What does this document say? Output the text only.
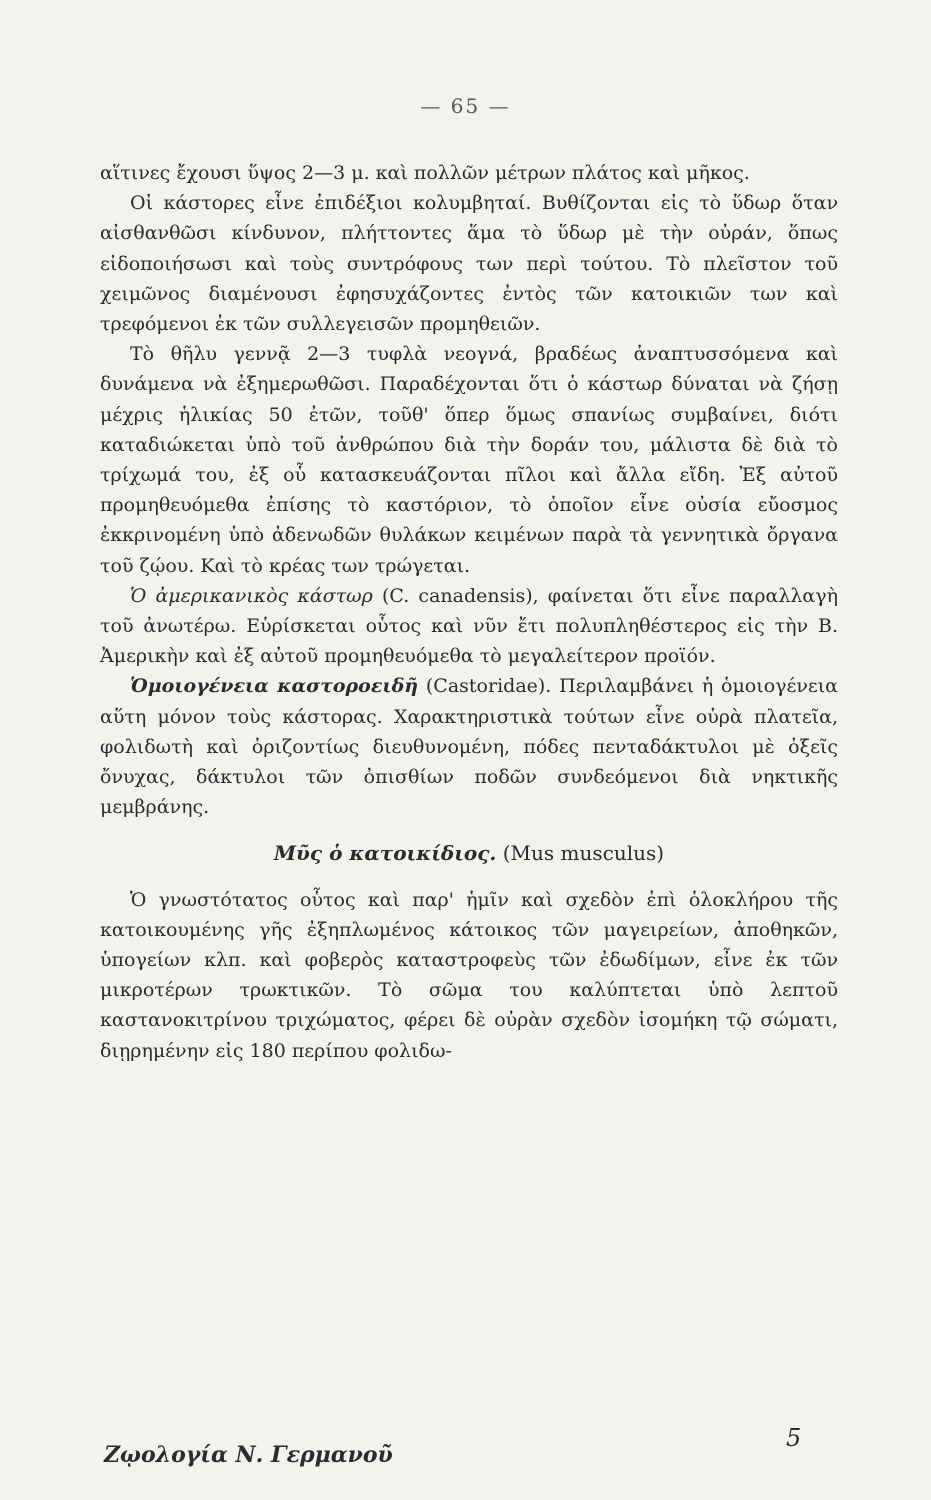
— 65 —

αἵτινες ἔχουσι ὕψος 2—3 μ. καὶ πολλῶν μέτρων πλάτος καὶ μῆκος.

Οἱ κάστορες εἶνε ἐπιδέξιοι κολυμβηταί. Βυθίζονται εἰς τὸ ὕδωρ ὅταν αἰσθανθῶσι κίνδυνον, πλήττοντες ἅμα τὸ ὕδωρ μὲ τὴν οὐράν, ὅπως εἰδοποιήσωσι καὶ τοὺς συντρόφους των περὶ τούτου. Τὸ πλεῖστον τοῦ χειμῶνος διαμένουσι ἐφησυχάζοντες ἐντὸς τῶν κατοικιῶν των καὶ τρεφόμενοι ἐκ τῶν συλλεγεισῶν προμηθειῶν.

Τὸ θῆλυ γεννᾷ 2—3 τυφλὰ νεογνά, βραδέως ἀναπτυσσόμενα καὶ δυνάμενα νὰ ἐξημερωθῶσι. Παραδέχονται ὅτι ὁ κάστωρ δύναται νὰ ζήσῃ μέχρις ἡλικίας 50 ἐτῶν, τοῦθ' ὅπερ ὅμως σπανίως συμβαίνει, διότι καταδιώκεται ὑπὸ τοῦ ἀνθρώπου διὰ τὴν δοράν του, μάλιστα δὲ διὰ τὸ τρίχωμά του, ἐξ οὗ κατασκευάζονται πῖλοι καὶ ἄλλα εἴδη. Ἐξ αὐτοῦ προμηθευόμεθα ἐπίσης τὸ καστόριον, τὸ ὁποῖον εἶνε οὐσία εὔοσμος ἐκκρινομένη ὑπὸ ἀδενωδῶν θυλάκων κειμένων παρὰ τὰ γεννητικὰ ὄργανα τοῦ ζῴου. Καὶ τὸ κρέας των τρώγεται.

Ὁ ἀμερικανικὸς κάστωρ (C. canadensis), φαίνεται ὅτι εἶνε παραλλαγὴ τοῦ ἀνωτέρω. Εὑρίσκεται οὗτος καὶ νῦν ἔτι πολυπληθέστερος εἰς τὴν Β. Ἀμερικὴν καὶ ἐξ αὐτοῦ προμηθευόμεθα τὸ μεγαλείτερον προϊόν.

Ὁμοιογένεια καστοροειδῆ (Castoridae). Περιλαμβάνει ἡ ὁμοιογένεια αὕτη μόνον τοὺς κάστορας. Χαρακτηριστικὰ τούτων εἶνε οὐρὰ πλατεῖα, φολιδωτὴ καὶ ὁριζοντίως διευθυνομένη, πόδες πενταδάκτυλοι μὲ ὀξεῖς ὄνυχας, δάκτυλοι τῶν ὀπισθίων ποδῶν συνδεόμενοι διὰ νηκτικῆς μεμβράνης.

Μῦς ὁ κατοικίδιος. (Mus musculus)

Ὁ γνωστότατος οὗτος καὶ παρ' ἡμῖν καὶ σχεδὸν ἐπὶ ὁλοκλήρου τῆς κατοικουμένης γῆς ἐξηπλωμένος κάτοικος τῶν μαγειρείων, ἀποθηκῶν, ὑπογείων κλπ. καὶ φοβερὸς καταστροφεὺς τῶν ἐδωδίμων, εἶνε ἐκ τῶν μικροτέρων τρωκτικῶν. Τὸ σῶμα του καλύπτεται ὑπὸ λεπτοῦ καστανοκιτρίνου τριχώματος, φέρει δὲ οὐρὰν σχεδὸν ἰσομήκη τῷ σώματι, διῃρημένην εἰς 180 περίπου φολιδω-

Ζῳολογία Ν. Γερμανοῦ
5
